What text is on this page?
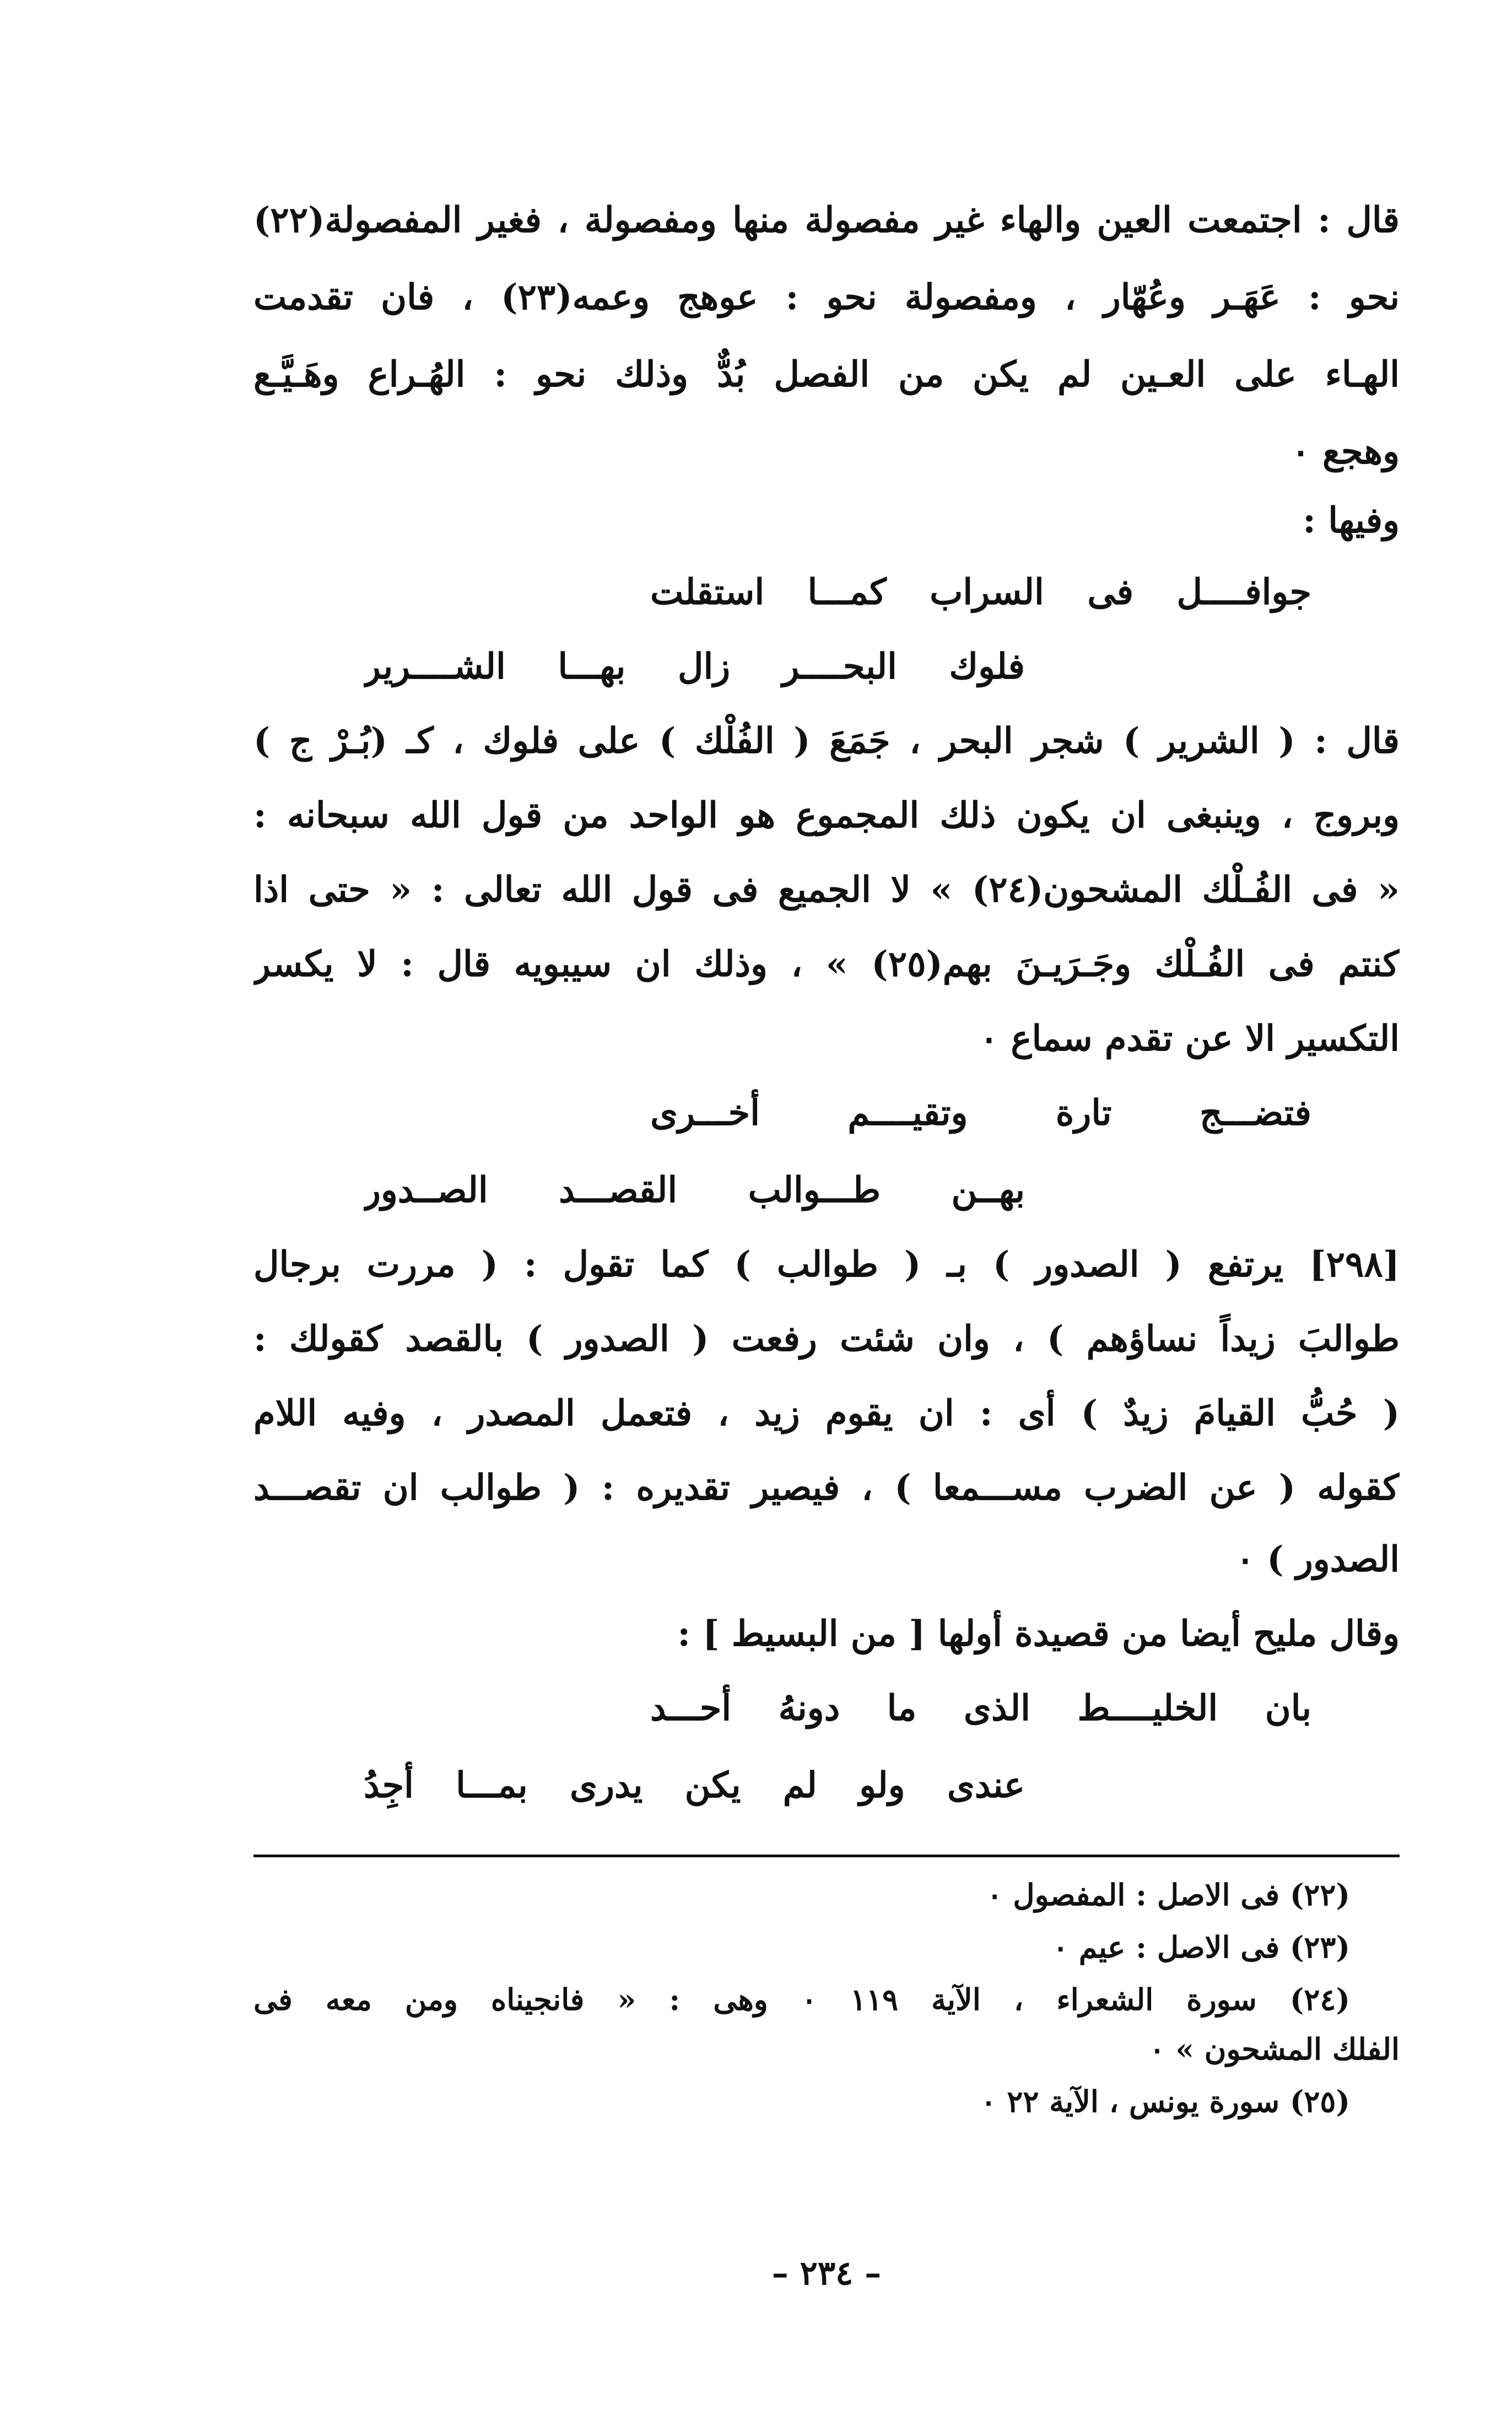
قال : اجتمعت العين والهاء غير مفصولة منها ومفصولة ، فغير المفصولة(٢٢)
نحو : عَهَـر وعُهّار ، ومفصولة نحو : عوهج وعمه(٢٣) ، فان تقدمت
الهـاء على العـين لم يكن من الفصل بُدٌّ وذلك نحو : الهُـراع وهَـيَّـع
وهجع ٠
وفيها :
جوافــــل فى السراب كمـــا استقلت
فلوك البحــــر زال بهـــا الشــــرير
قال : ( الشرير ) شجر البحر ، جَمَعَ ( الفُلْك ) على فلوك ، كـ (بُـرْ ج )
وبروج ، وينبغى ان يكون ذلك المجموع هو الواحد من قول الله سبحانه :
« فى الفُـلْك المشحون(٢٤) » لا الجميع فى قول الله تعالى : « حتى اذا
كنتم فى الفُـلْك وجَـرَيـنَ بهم(٢٥) » ، وذلك ان سيبويه قال : لا يكسر
التكسير الا عن تقدم سماع ٠
فتضـــج تارة وتقيــــم أخـــرى
بهــن طـــوالب القصـــد الصــدور
[٢٩٨] يرتفع ( الصدور ) بـ ( طوالب ) كما تقول : ( مررت برجال
طوالبَ زيداً نساؤهم ) ، وان شئت رفعت ( الصدور ) بالقصد كقولك :
( حُبُّ القيامَ زيدٌ ) أى : ان يقوم زيد ، فتعمل المصدر ، وفيه اللام
كقوله ( عن الضرب مســـمعا ) ، فيصير تقديره : ( طوالب ان تقصـــد
الصدور ) ٠
وقال مليح أيضا من قصيدة أولها [ من البسيط ] :
بان الخليــــط الذى ما دونهُ أحـــد
عندى ولو لم يكن يدرى بمـــا أجِدُ
(٢٢) فى الاصل : المفصول ٠
(٢٣) فى الاصل : عيم ٠
(٢٤) سورة الشعراء ، الآية ١١٩ ٠ وهى : « فانجيناه ومن معه فى
الفلك المشحون » ٠
(٢٥) سورة يونس ، الآية ٢٢ ٠
– ٢٣٤ –
